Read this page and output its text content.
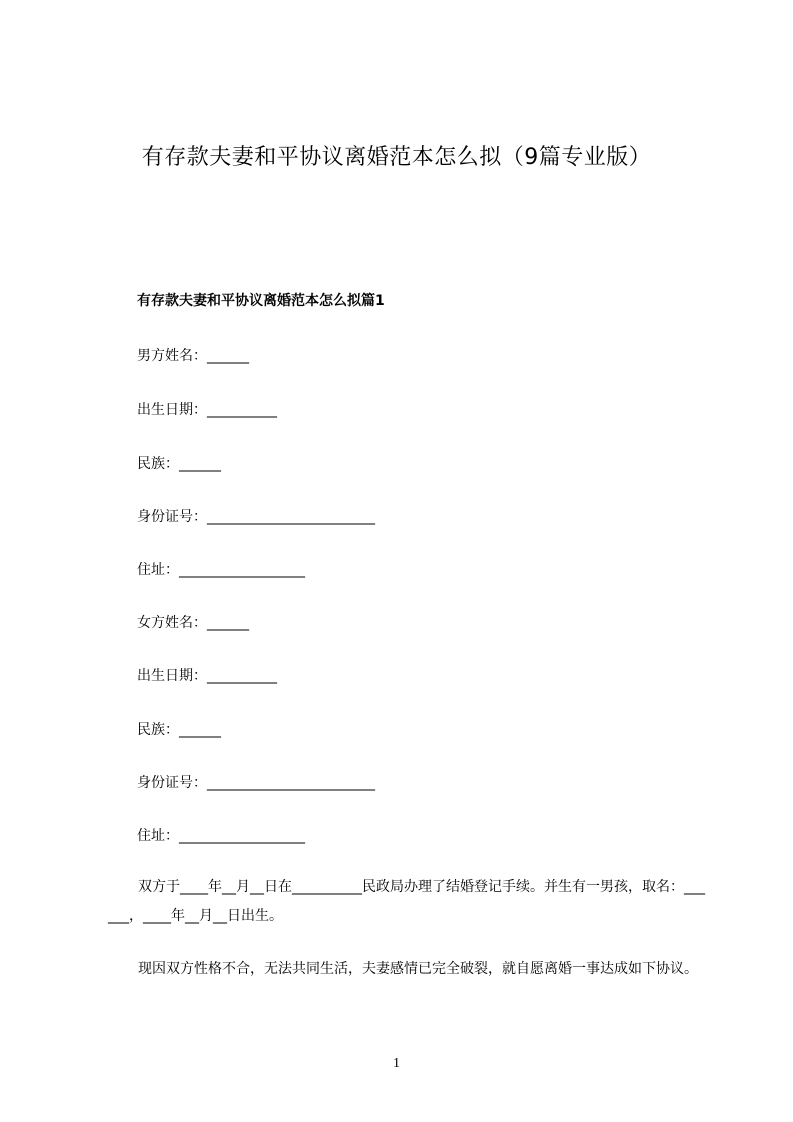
有存款夫妻和平协议离婚范本怎么拟（9篇专业版）
有存款夫妻和平协议离婚范本怎么拟篇1
男方姓名：______
出生日期：__________
民族：______
身份证号：________________________
住址：__________________
女方姓名：______
出生日期：__________
民族：______
身份证号：________________________
住址：__________________
双方于____年__月__日在__________民政局办理了结婚登记手续。并生有一男孩，取名：______，____年__月__日出生。
现因双方性格不合，无法共同生活，夫妻感情已完全破裂，就自愿离婚一事达成如下协议。
1
